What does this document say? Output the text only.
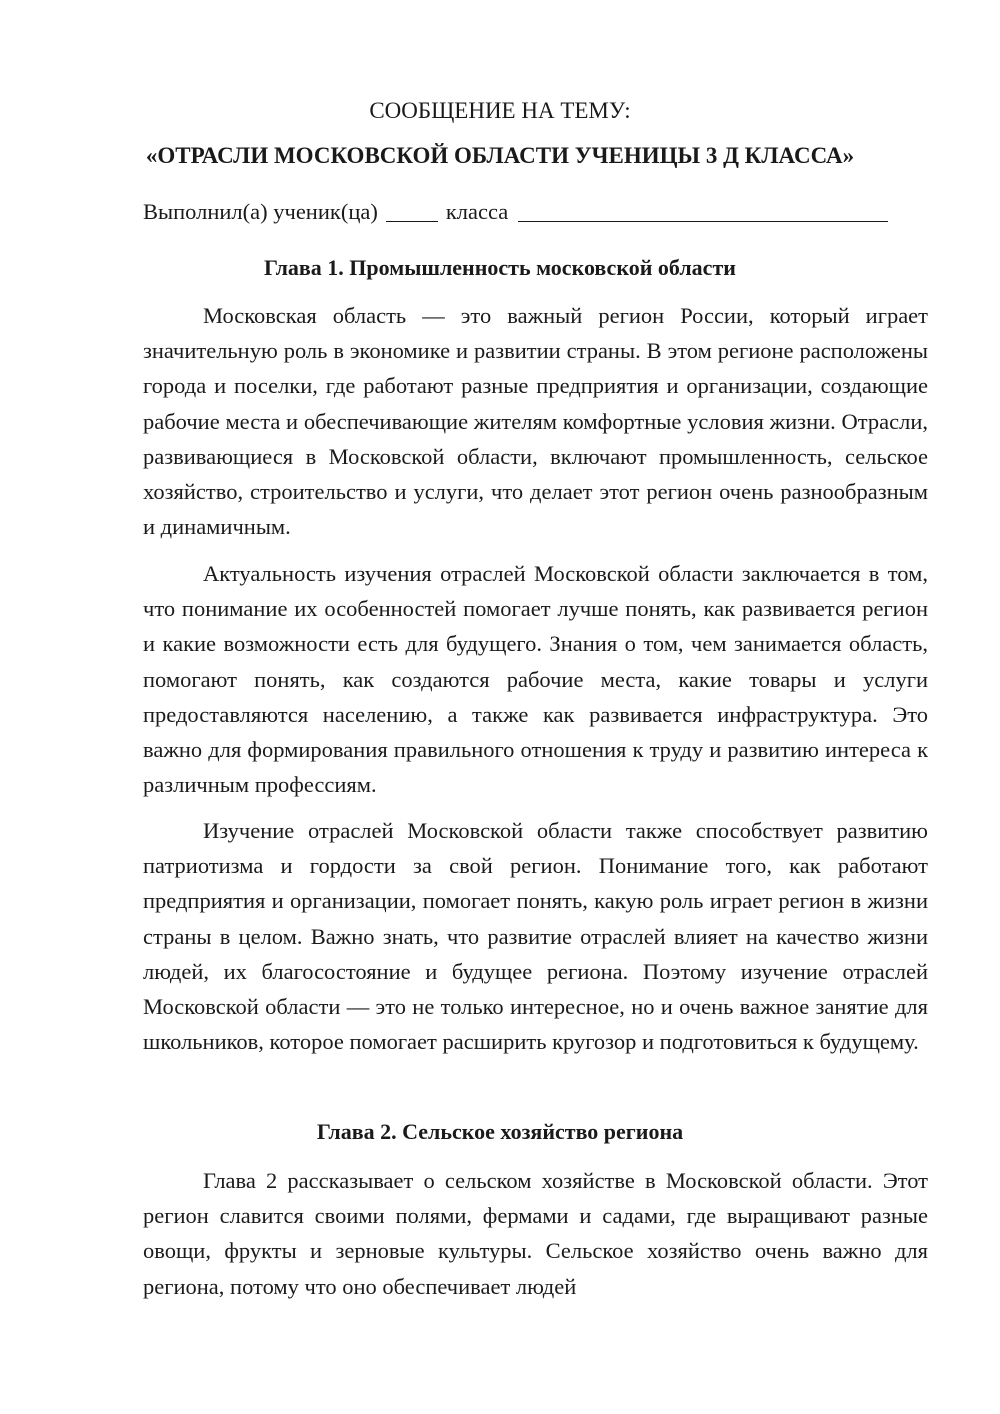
СООБЩЕНИЕ НА ТЕМУ:
«ОТРАСЛИ МОСКОВСКОЙ ОБЛАСТИ УЧЕНИЦЫ 3 Д КЛАССА»
Выполнил(а) ученик(ца)	класса
Глава 1. Промышленность московской области

Московская область — это важный регион России, который играет значительную роль в экономике и развитии страны. В этом регионе расположены города и поселки, где работают разные предприятия и организации, создающие рабочие места и обеспечивающие жителям комфортные условия жизни. Отрасли, развивающиеся в Московской области, включают промышленность, сельское хозяйство, строительство и услуги, что делает этот регион очень разнообразным и динамичным.

Актуальность изучения отраслей Московской области заключается в том, что понимание их особенностей помогает лучше понять, как развивается регион и какие возможности есть для будущего. Знания о том, чем занимается область, помогают понять, как создаются рабочие места, какие товары и услуги предоставляются населению, а также как развивается инфраструктура. Это важно для формирования правильного отношения к труду и развитию интереса к различным профессиям.

Изучение отраслей Московской области также способствует развитию патриотизма и гордости за свой регион. Понимание того, как работают предприятия и организации, помогает понять, какую роль играет регион в жизни страны в целом. Важно знать, что развитие отраслей влияет на качество жизни людей, их благосостояние и будущее региона. Поэтому изучение отраслей Московской области — это не только интересное, но и очень важное занятие для школьников, которое помогает расширить кругозор и подготовиться к будущему.

Глава 2. Сельское хозяйство региона

Глава 2 рассказывает о сельском хозяйстве в Московской области. Этот регион славится своими полями, фермами и садами, где выращивают разные овощи, фрукты и зерновые культуры. Сельское хозяйство очень важно для региона, потому что оно обеспечивает людей
